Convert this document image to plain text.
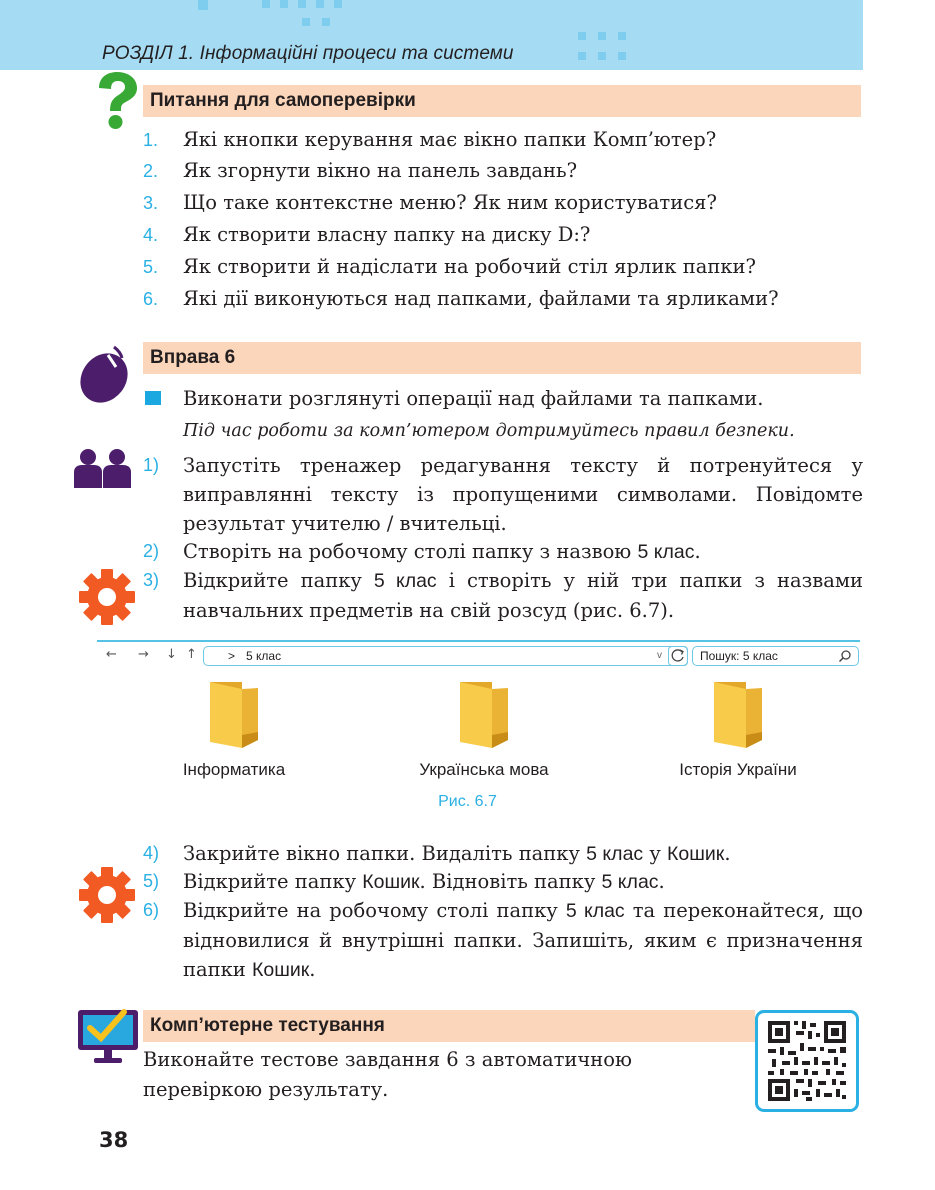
РОЗДІЛ 1. Інформаційні процеси та системи
Питання для самоперевірки
1. Які кнопки керування має вікно папки Комп’ютер?
2. Як згорнути вікно на панель завдань?
3. Що таке контекстне меню? Як ним користуватися?
4. Як створити власну папку на диску D:?
5. Як створити й надіслати на робочий стіл ярлик папки?
6. Які дії виконуються над папками, файлами та ярликами?
Вправа 6
Виконати розглянуті операції над файлами та папками.
Під час роботи за комп’ютером дотримуйтесь правил безпеки.
1) Запустіть тренажер редагування тексту й потренуйтеся у виправлянні тексту із пропущеними символами. Повідомте результат учителю / вчительці.
2) Створіть на робочому столі папку з назвою 5 клас.
3) Відкрийте папку 5 клас і створіть у ній три папки з назвами навчальних предметів на свій розсуд (рис. 6.7).
← → ↓ ↑	> 5 клас	v	Пошук: 5 клас
Інформатика	Українська мова	Історія України
Рис. 6.7
4) Закрийте вікно папки. Видаліть папку 5 клас у Кошик.
5) Відкрийте папку Кошик. Відновіть папку 5 клас.
6) Відкрийте на робочому столі папку 5 клас та переконайтеся, що відновилися й внутрішні папки. Запишіть, яким є призначення папки Кошик.
Комп’ютерне тестування
Виконайте тестове завдання 6 з автоматичною перевіркою результату.
38
